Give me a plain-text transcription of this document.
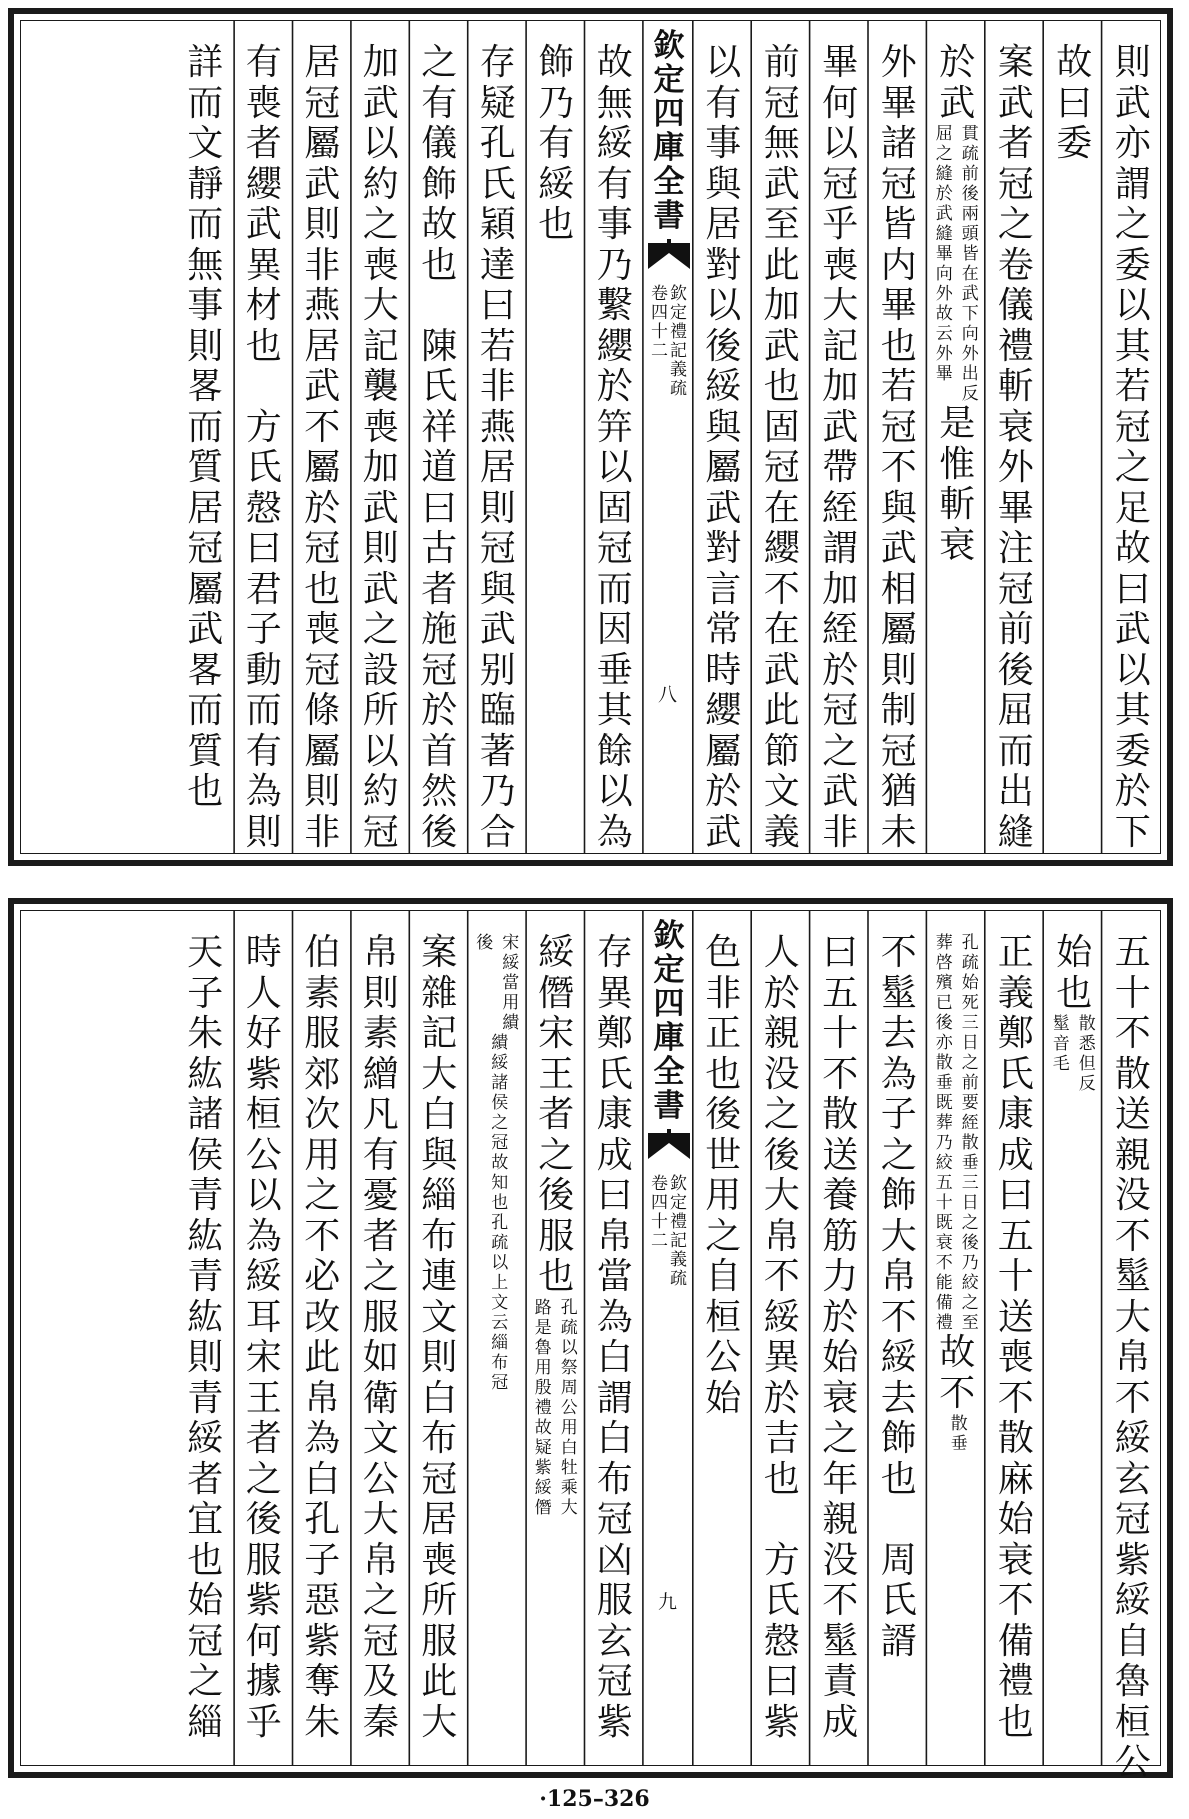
則
武
亦
謂
之
委
以
其
若
冠
之
足
故
曰
武
以
其
委
於
下
故
曰
委
案
武
者
冠
之
卷
儀
禮
斬
衰
外
畢
注
冠
前
後
屈
而
出
縫
於
武
貫
疏
前
後
兩
頭
皆
在
武
下
向
外
出
反
屈
之
縫
於
武
縫
畢
向
外
故
云
外
畢
是
惟
斬
衰
外
畢
諸
冠
皆
内
畢
也
若
冠
不
與
武
相
屬
則
制
冠
猶
未
畢
何
以
冠
乎
喪
大
記
加
武
帶
絰
謂
加
絰
於
冠
之
武
非
前
冠
無
武
至
此
加
武
也
固
冠
在
纓
不
在
武
此
節
文
義
以
有
事
與
居
對
以
後
綏
與
屬
武
對
言
常
時
纓
屬
於
武
故
無
綏
有
事
乃
繫
纓
於
笄
以
固
冠
而
因
垂
其
餘
以
為
飾
乃
有
綏
也
存
疑
孔
氏
穎
達
曰
若
非
燕
居
則
冠
與
武
别
臨
著
乃
合
之
有
儀
飾
故
也

陳
氏
祥
道
曰
古
者
施
冠
於
首
然
後
加
武
以
約
之
喪
大
記
襲
喪
加
武
則
武
之
設
所
以
約
冠
居
冠
屬
武
則
非
燕
居
武
不
屬
於
冠
也
喪
冠
條
屬
則
非
有
喪
者
纓
武
異
材
也

方
氏
慤
曰
君
子
動
而
有
為
則
詳
而
文
靜
而
無
事
則
畧
而
質
居
冠
屬
武
畧
而
質
也
欽
定
四
庫
全
書
欽
定
禮
記
義
疏
卷
四
十
二
八
五
十
不
散
送
親
没
不
髽
大
帛
不
綏
玄
冠
紫
綏
自
魯
桓
公
始
也
散
悉
但
反
髽
音
毛
正
義
鄭
氏
康
成
曰
五
十
送
喪
不
散
麻
始
衰
不
備
禮
也
孔
疏
始
死
三
日
之
前
要
絰
散
垂
三
日
之
後
乃
絞
之
至
葬
啓
殯
已
後
亦
散
垂
既
葬
乃
絞
五
十
既
衰
不
能
備
禮
故
不
散
垂
不
髽
去
為
子
之
飾
大
帛
不
綏
去
飾
也

周
氏
諝
曰
五
十
不
散
送
養
筋
力
於
始
衰
之
年
親
没
不
髽
責
成
人
於
親
没
之
後
大
帛
不
綏
異
於
吉
也

方
氏
慤
曰
紫
色
非
正
也
後
世
用
之
自
桓
公
始
存
異
鄭
氏
康
成
曰
帛
當
為
白
謂
白
布
冠
凶
服
玄
冠
紫
綏
僭
宋
王
者
之
後
服
也
孔
疏
以
祭
周
公
用
白
牡
乘
大
路
是
魯
用
殷
禮
故
疑
紫
綏
僭
宋
綏
當
用
繢
後
繢
綏
諸
侯
之
冠
故
知
也
孔
疏
以
上
文
云
緇
布
冠
案
雜
記
大
白
與
緇
布
連
文
則
白
布
冠
居
喪
所
服
此
大
帛
則
素
繒
凡
有
憂
者
之
服
如
衛
文
公
大
帛
之
冠
及
秦
伯
素
服
郊
次
用
之
不
必
改
此
帛
為
白
孔
子
惡
紫
奪
朱
時
人
好
紫
桓
公
以
為
綏
耳
宋
王
者
之
後
服
紫
何
據
乎
天
子
朱
紘
諸
侯
青
紘
青
紘
則
青
綏
者
宜
也
始
冠
之
緇
欽
定
四
庫
全
書
欽
定
禮
記
義
疏
卷
四
十
二
九
·125–326
